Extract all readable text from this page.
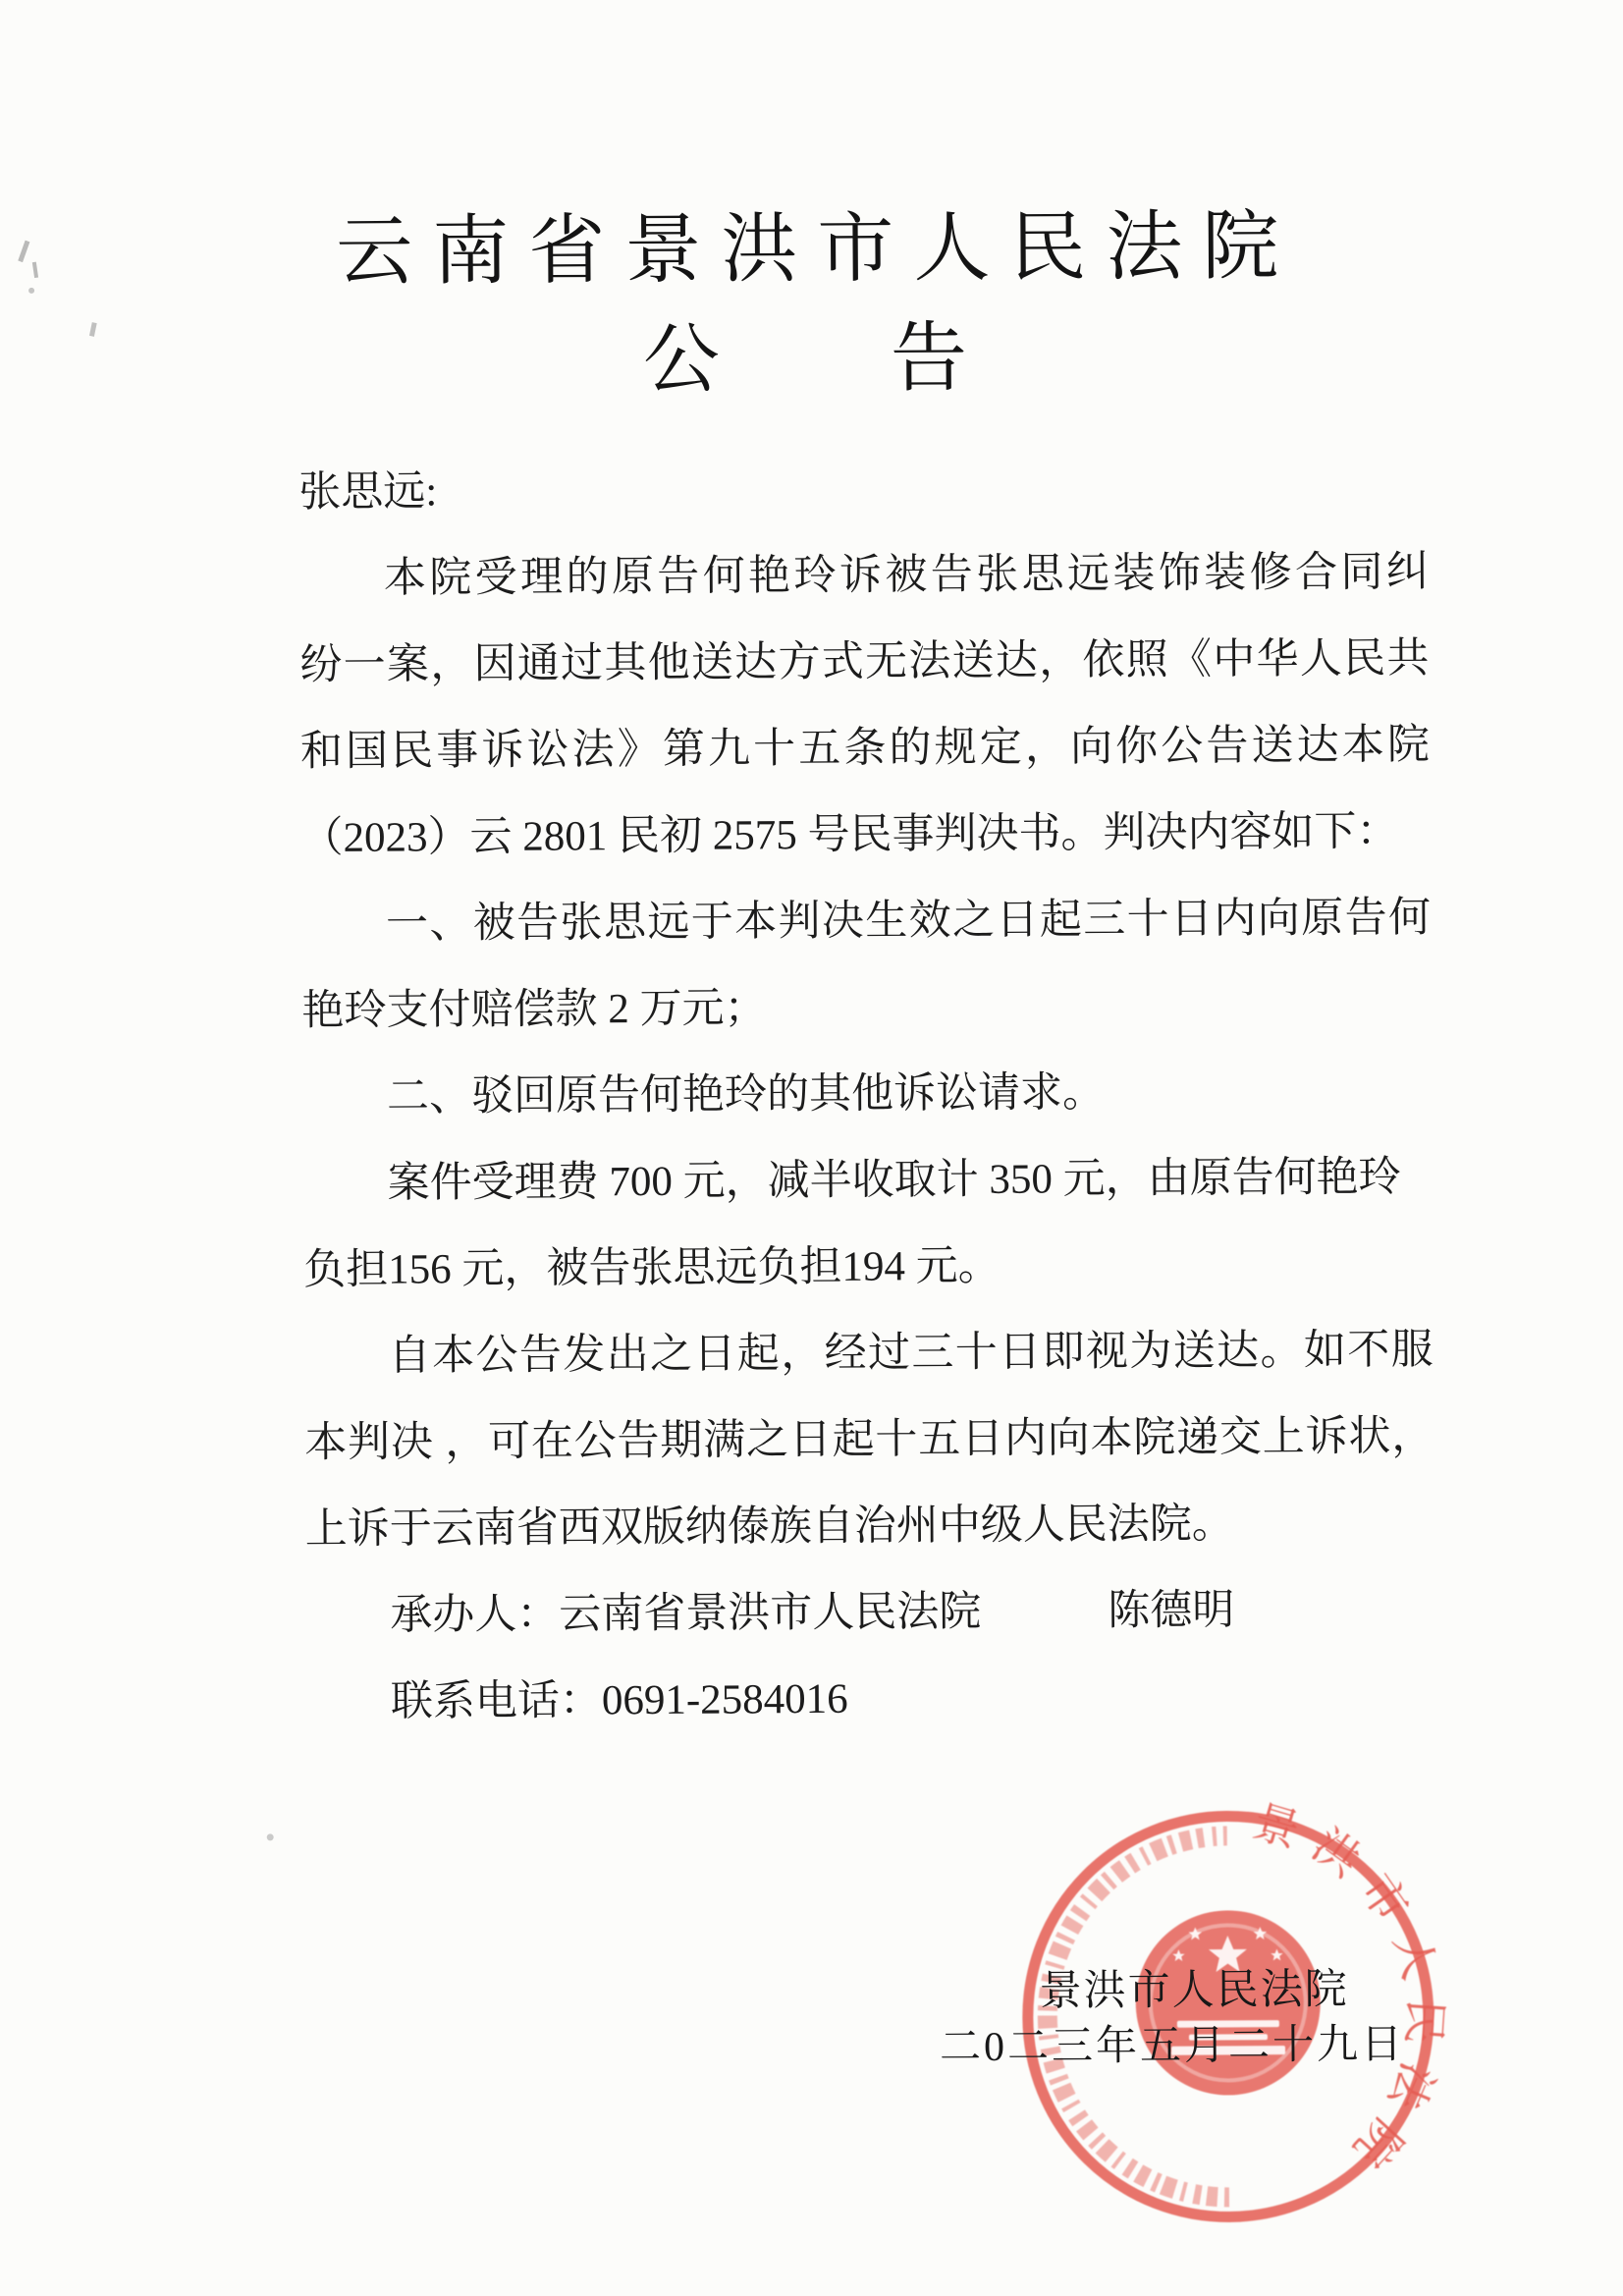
云南省景洪市人民法院
公　　告
张思远:
本院受理的原告何艳玲诉被告张思远装饰装修合同纠
纷一案，因通过其他送达方式无法送达，依照《中华人民共
和国民事诉讼法》第九十五条的规定，向你公告送达本院
（2023）云 2801 民初 2575 号民事判决书。判决内容如下：
一、被告张思远于本判决生效之日起三十日内向原告何
艳玲支付赔偿款 2 万元；
二、驳回原告何艳玲的其他诉讼请求。
案件受理费 700 元，减半收取计 350 元，由原告何艳玲
负担156 元，被告张思远负担194 元。
自本公告发出之日起，经过三十日即视为送达。如不服
本判决 ，可在公告期满之日起十五日内向本院递交上诉状，
上诉于云南省西双版纳傣族自治州中级人民法院。
承办人：云南省景洪市人民法院　　　陈德明
联系电话：0691-2584016
景洪市人民法院
景洪市人民法院
二0二三年五月二十九日
